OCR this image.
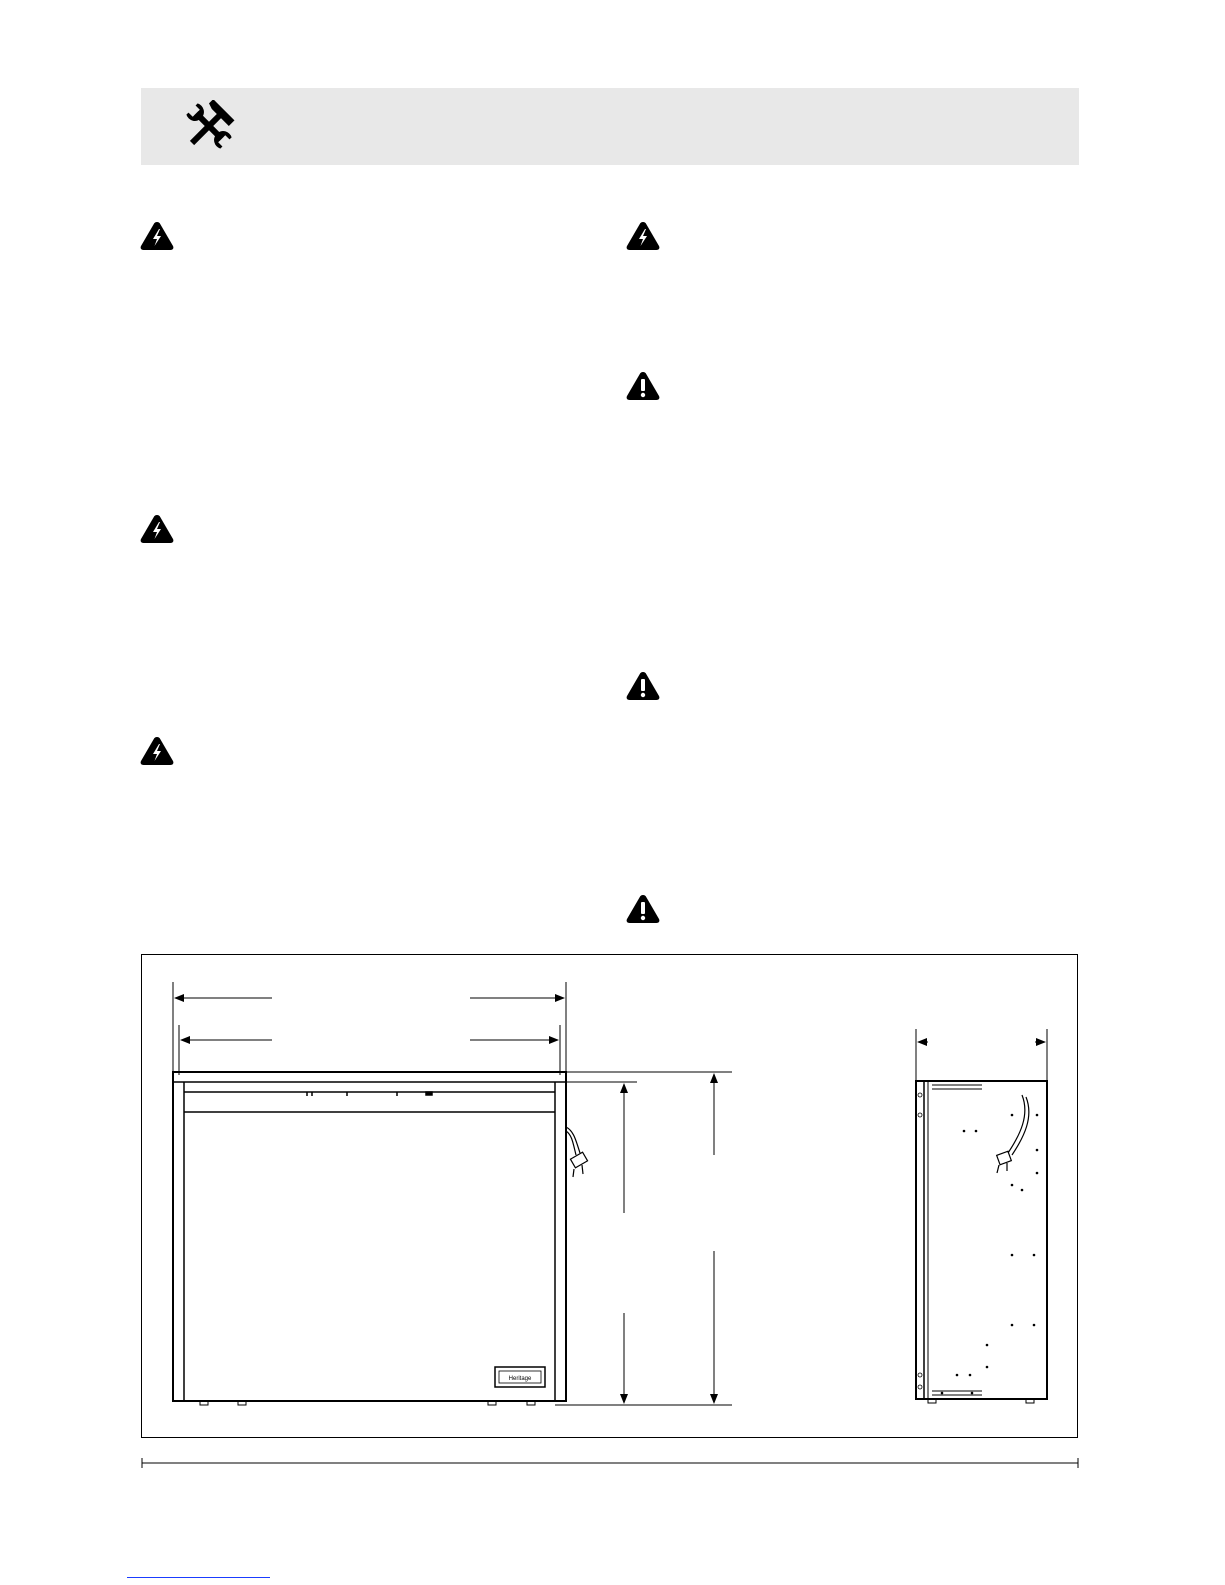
Heritage
